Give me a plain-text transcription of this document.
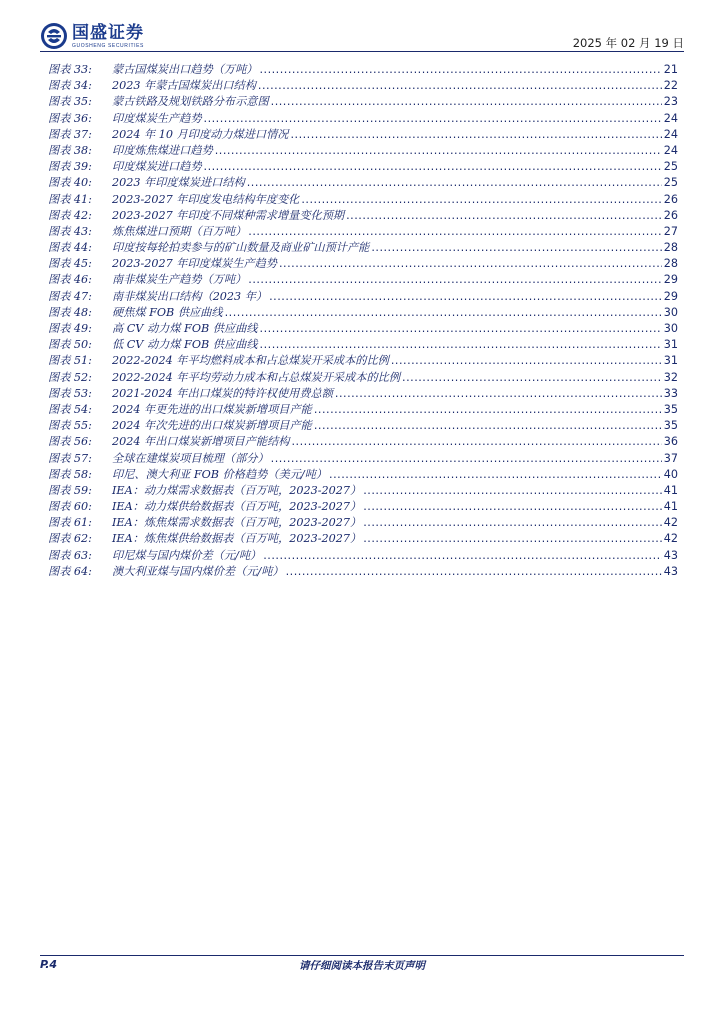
国盛证券
GUOSHENG SECURITIES	2025 年 02 月 19 日
图表 33:	蒙古国煤炭出口趋势（万吨） .....	21
图表 34:	2023 年蒙古国煤炭出口结构 .....	22
图表 35:	蒙古铁路及规划铁路分布示意图 .....	23
图表 36:	印度煤炭生产趋势 .....	24
图表 37:	2024 年 10 月印度动力煤进口情况 .....	24
图表 38:	印度炼焦煤进口趋势 .....	24
图表 39:	印度煤炭进口趋势 .....	25
图表 40:	2023 年印度煤炭进口结构 .....	25
图表 41:	2023-2027 年印度发电结构年度变化 .....	26
图表 42:	2023-2027 年印度不同煤种需求增量变化预期 .....	26
图表 43:	炼焦煤进口预期（百万吨） .....	27
图表 44:	印度按每轮拍卖参与的矿山数量及商业矿山预计产能 .....	28
图表 45:	2023-2027 年印度煤炭生产趋势 .....	28
图表 46:	南非煤炭生产趋势（万吨） .....	29
图表 47:	南非煤炭出口结构（2023 年） .....	29
图表 48:	硬焦煤 FOB 供应曲线 .....	30
图表 49:	高 CV 动力煤 FOB 供应曲线 .....	30
图表 50:	低 CV 动力煤 FOB 供应曲线 .....	31
图表 51:	2022-2024 年平均燃料成本和占总煤炭开采成本的比例 .....	31
图表 52:	2022-2024 年平均劳动力成本和占总煤炭开采成本的比例 .....	32
图表 53:	2021-2024 年出口煤炭的特许权使用费总额 .....	33
图表 54:	2024 年更先进的出口煤炭新增项目产能 .....	35
图表 55:	2024 年次先进的出口煤炭新增项目产能 .....	35
图表 56:	2024 年出口煤炭新增项目产能结构 .....	36
图表 57:	全球在建煤炭项目梳理（部分） .....	37
图表 58:	印尼、澳大利亚 FOB 价格趋势（美元/吨） .....	40
图表 59:	IEA：动力煤需求数据表（百万吨，2023-2027） .....	41
图表 60:	IEA：动力煤供给数据表（百万吨，2023-2027） .....	41
图表 61:	IEA：炼焦煤需求数据表（百万吨，2023-2027） .....	42
图表 62:	IEA：炼焦煤供给数据表（百万吨，2023-2027） .....	42
图表 63:	印尼煤与国内煤价差（元/吨） .....	43
图表 64:	澳大利亚煤与国内煤价差（元/吨） .....	43
P.4	请仔细阅读本报告末页声明
